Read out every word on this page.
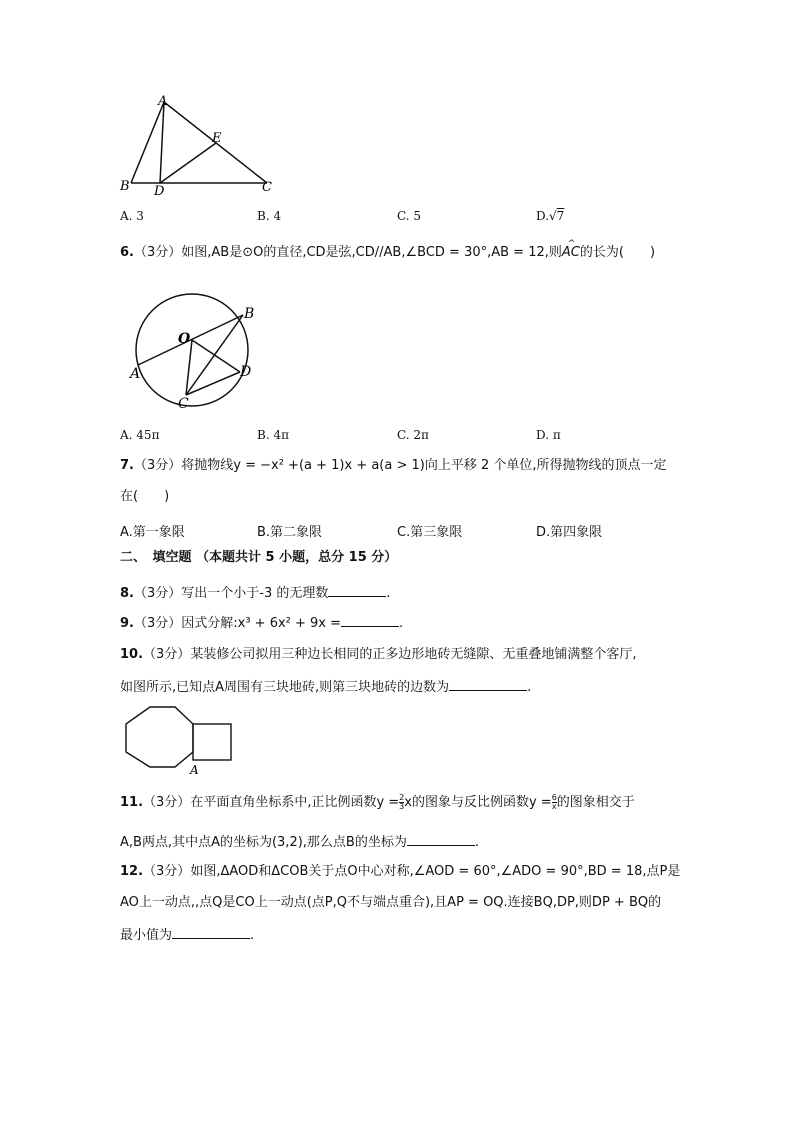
A
B	C
D
E
A. 3	B. 4	C. 5	D.√7
6.（3分）如图,AB是⊙O的直径,CD是弦,CD//AB,∠BCD = 30°,AB = 12,则^ AC的长为(　　)
O
B
A	D
C
A. 45π	B. 4π	C. 2π	D. π
7.（3分）将抛物线y = −x² +(a + 1)x + a(a > 1)向上平移 2 个单位,所得抛物线的顶点一定
在(　　)
A.第一象限	B.第二象限	C.第三象限	D.第四象限
二、　填空题 （本题共计 5 小题，总分 15 分）
8.（3分）写出一个小于-3 的无理数	.
9.（3分）因式分解:x³ + 6x² + 9x =	.
10.（3分）某装修公司拟用三种边长相同的正多边形地砖无缝隙、无重叠地铺满整个客厅,
如图所示,已知点A周围有三块地砖,则第三块地砖的边数为	.
A
11.（3分）在平面直角坐标系中,正比例函数$y = \frac{2}{3}$ x的图象与反比例函数$y = \frac{6}{x}$ 的图象相交于
A,B两点,其中点A的坐标为(3,2),那么点B的坐标为	.
12.（3分）如图,ΔAOD和ΔCOB关于点O中心对称,∠AOD = 60°,∠ADO = 90°,BD = 18,点P是
AO上一动点,,点Q是CO上一动点(点P,Q不与端点重合),且AP = OQ.连接BQ,DP,则DP + BQ的
最小值为	.
